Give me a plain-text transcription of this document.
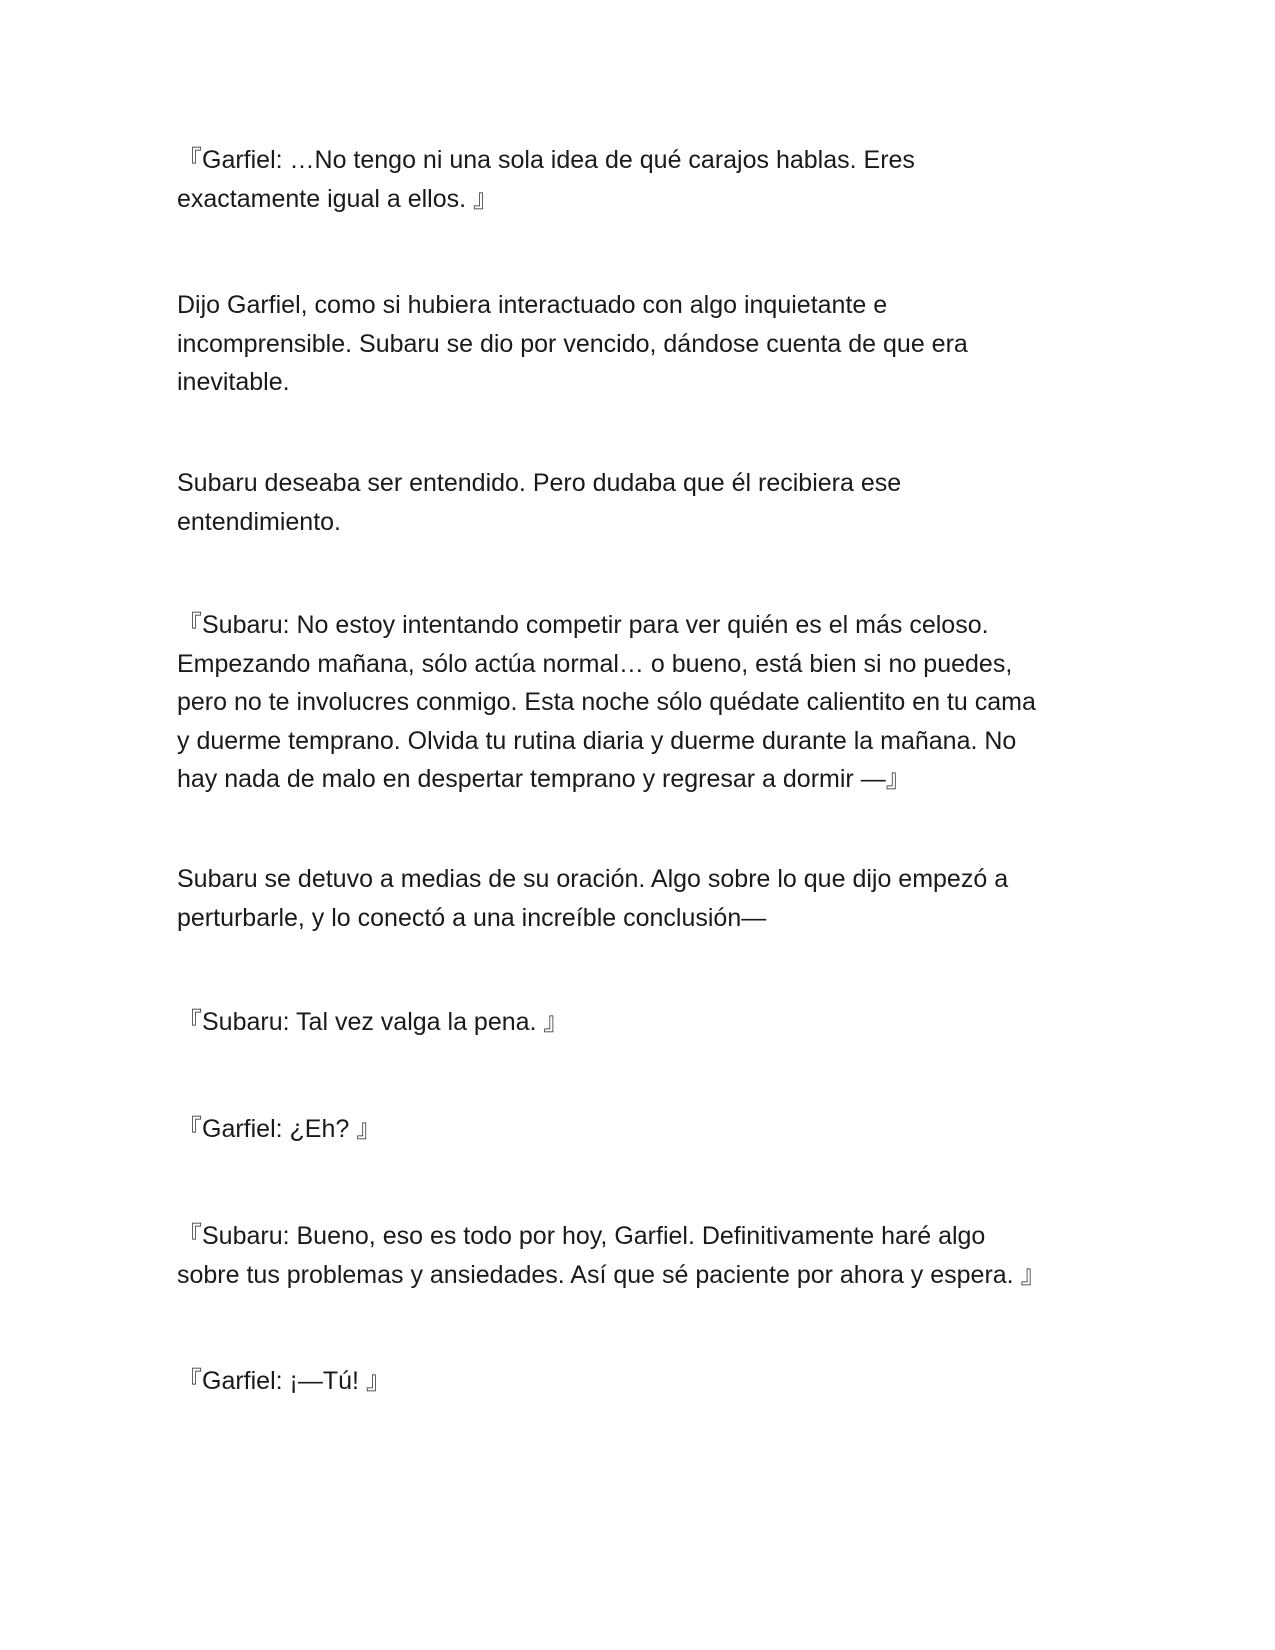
『Garfiel: …No tengo ni una sola idea de qué carajos hablas. Eres
exactamente igual a ellos. 』

Dijo Garfiel, como si hubiera interactuado con algo inquietante e
incomprensible. Subaru se dio por vencido, dándose cuenta de que era
inevitable.

Subaru deseaba ser entendido. Pero dudaba que él recibiera ese
entendimiento.

『Subaru: No estoy intentando competir para ver quién es el más celoso.
Empezando mañana, sólo actúa normal… o bueno, está bien si no puedes,
pero no te involucres conmigo. Esta noche sólo quédate calientito en tu cama
y duerme temprano. Olvida tu rutina diaria y duerme durante la mañana. No
hay nada de malo en despertar temprano y regresar a dormir —』

Subaru se detuvo a medias de su oración. Algo sobre lo que dijo empezó a
perturbarle, y lo conectó a una increíble conclusión—

『Subaru: Tal vez valga la pena. 』

『Garfiel: ¿Eh? 』

『Subaru: Bueno, eso es todo por hoy, Garfiel. Definitivamente haré algo
sobre tus problemas y ansiedades. Así que sé paciente por ahora y espera. 』

『Garfiel: ¡—Tú! 』
